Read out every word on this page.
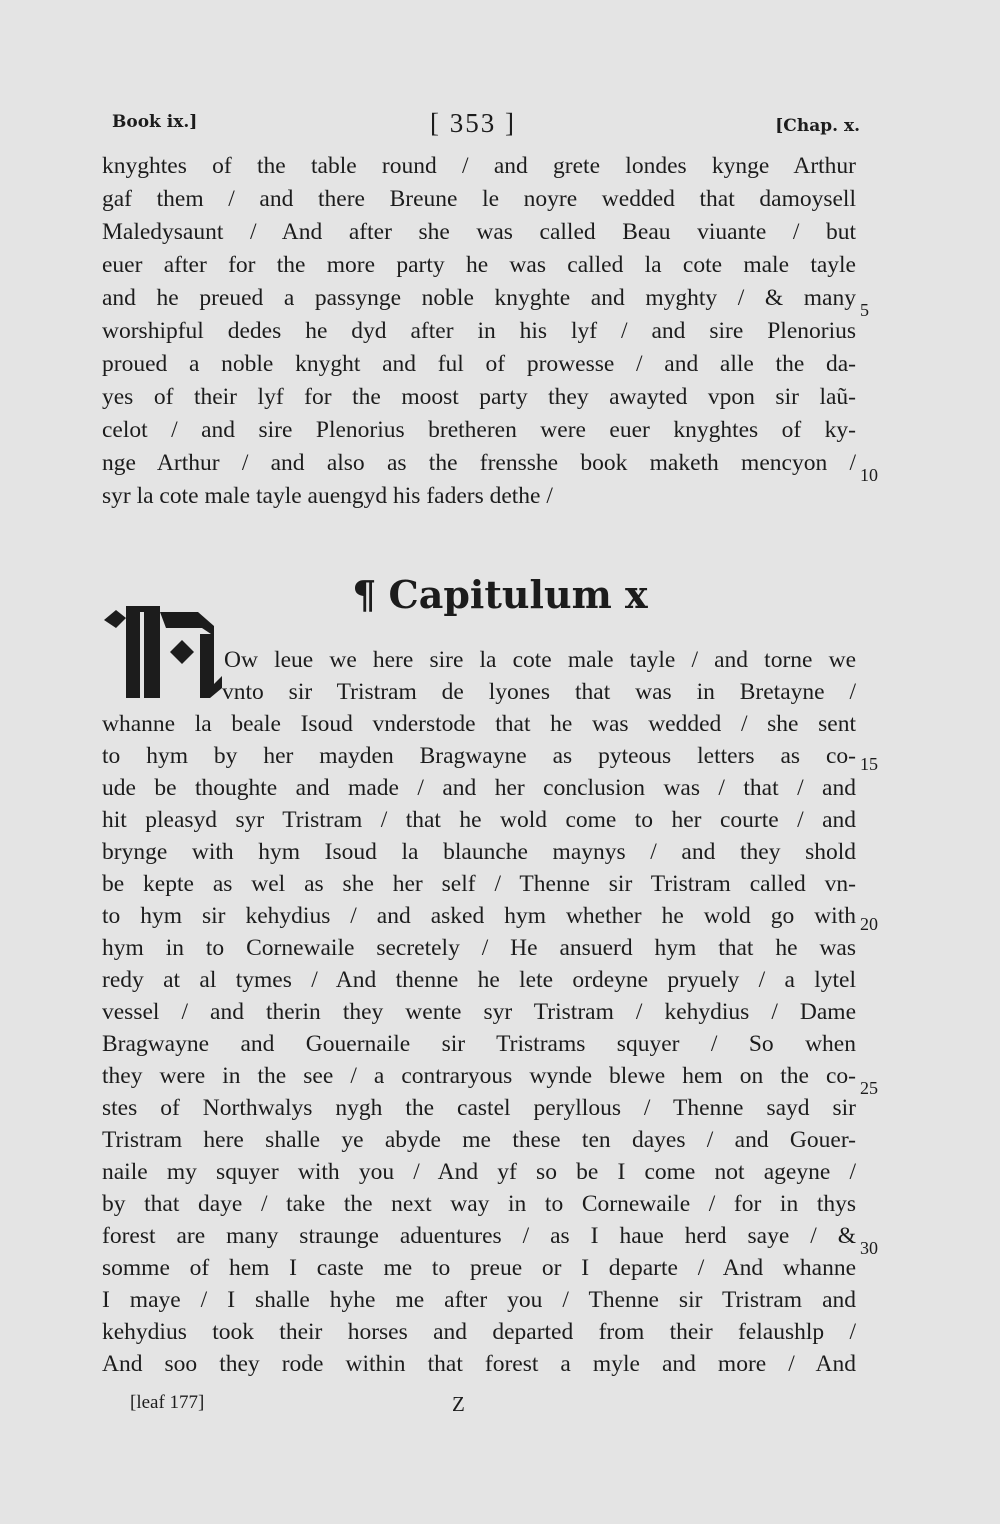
Book ix.]	[ 353 ]	[Chap. x.
knyghtes of the table round / and grete londes kynge Arthur
gaf them / and there Breune le noyre wedded that damoysell
Maledysaunt / And after she was called Beau viuante / but
euer after for the more party he was called la cote male tayle
and he preued a passynge noble knyghte and myghty / & many
worshipful dedes he dyd after in his lyf / and sire Plenorius
proued a noble knyght and ful of prowesse / and alle the da-
yes of their lyf for the moost party they awayted vpon sir laũ-
celot / and sire Plenorius bretheren were euer knyghtes of ky-
nge Arthur / and also as the frensshe book maketh mencyon /
syr la cote male tayle auengyd his faders dethe /
5
10
¶ Capitulum x
Ow leue we here sire la cote male tayle / and torne we
vnto sir Tristram de lyones that was in Bretayne /
whanne la beale Isoud vnderstode that he was wedded / she sent
to hym by her mayden Bragwayne as pyteous letters as co-
ude be thoughte and made / and her conclusion was / that / and
hit pleasyd syr Tristram / that he wold come to her courte / and
brynge with hym Isoud la blaunche maynys / and they shold
be kepte as wel as she her self / Thenne sir Tristram called vn-
to hym sir kehydius / and asked hym whether he wold go with
hym in to Cornewaile secretely / He ansuerd hym that he was
redy at al tymes / And thenne he lete ordeyne pryuely / a lytel
vessel / and therin they wente syr Tristram / kehydius / Dame
Bragwayne and Gouernaile sir Tristrams squyer / So when
they were in the see / a contraryous wynde blewe hem on the co-
stes of Northwalys nygh the castel peryllous / Thenne sayd sir
Tristram here shalle ye abyde me these ten dayes / and Gouer-
naile my squyer with you / And yf so be I come not ageyne /
by that daye / take the next way in to Cornewaile / for in thys
forest are many straunge aduentures / as I haue herd saye / &
somme of hem I caste me to preue or I departe / And whanne
I maye / I shalle hyhe me after you / Thenne sir Tristram and
kehydius took their horses and departed from their felaushlp /
And soo they rode within that forest a myle and more / And
15
20
25
30
[leaf 177]	Z
